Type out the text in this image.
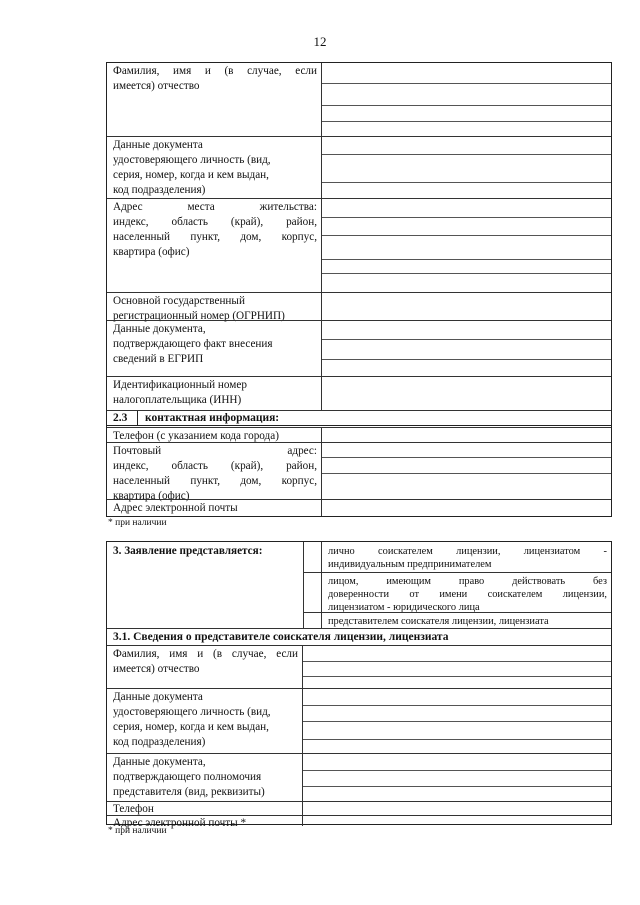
12
Фамилия, имя и (в случае, если
имеется) отчество
Данные документа
удостоверяющего личность (вид,
серия, номер, когда и кем выдан,
код подразделения)
Адрес места жительства:
индекс, область (край), район,
населенный пункт, дом, корпус,
квартира (офис)
Основной государственный
регистрационный номер (ОГРНИП)
Данные документа,
подтверждающего факт внесения
сведений в ЕГРИП
Идентификационный номер
налогоплательщика (ИНН)
2.3 контактная информация:
Телефон (с указанием кода города)
Почтовый адрес:
индекс, область (край), район,
населенный пункт, дом, корпус,
квартира (офис)
Адрес электронной почты
* при наличии
3. Заявление представляется:	лично соискателем лицензии, лицензиатом -
индивидуальным предпринимателем
лицом, имеющим право действовать без
доверенности от имени соискателем лицензии,
лицензиатом - юридического лица
представителем соискателя лицензии, лицензиата
3.1. Сведения о представителе соискателя лицензии, лицензиата
Фамилия, имя и (в случае, если
имеется) отчество
Данные документа
удостоверяющего личность (вид,
серия, номер, когда и кем выдан,
код подразделения)
Данные документа,
подтверждающего полномочия
представителя (вид, реквизиты)
Телефон
Адрес электронной почты *
* при наличии
